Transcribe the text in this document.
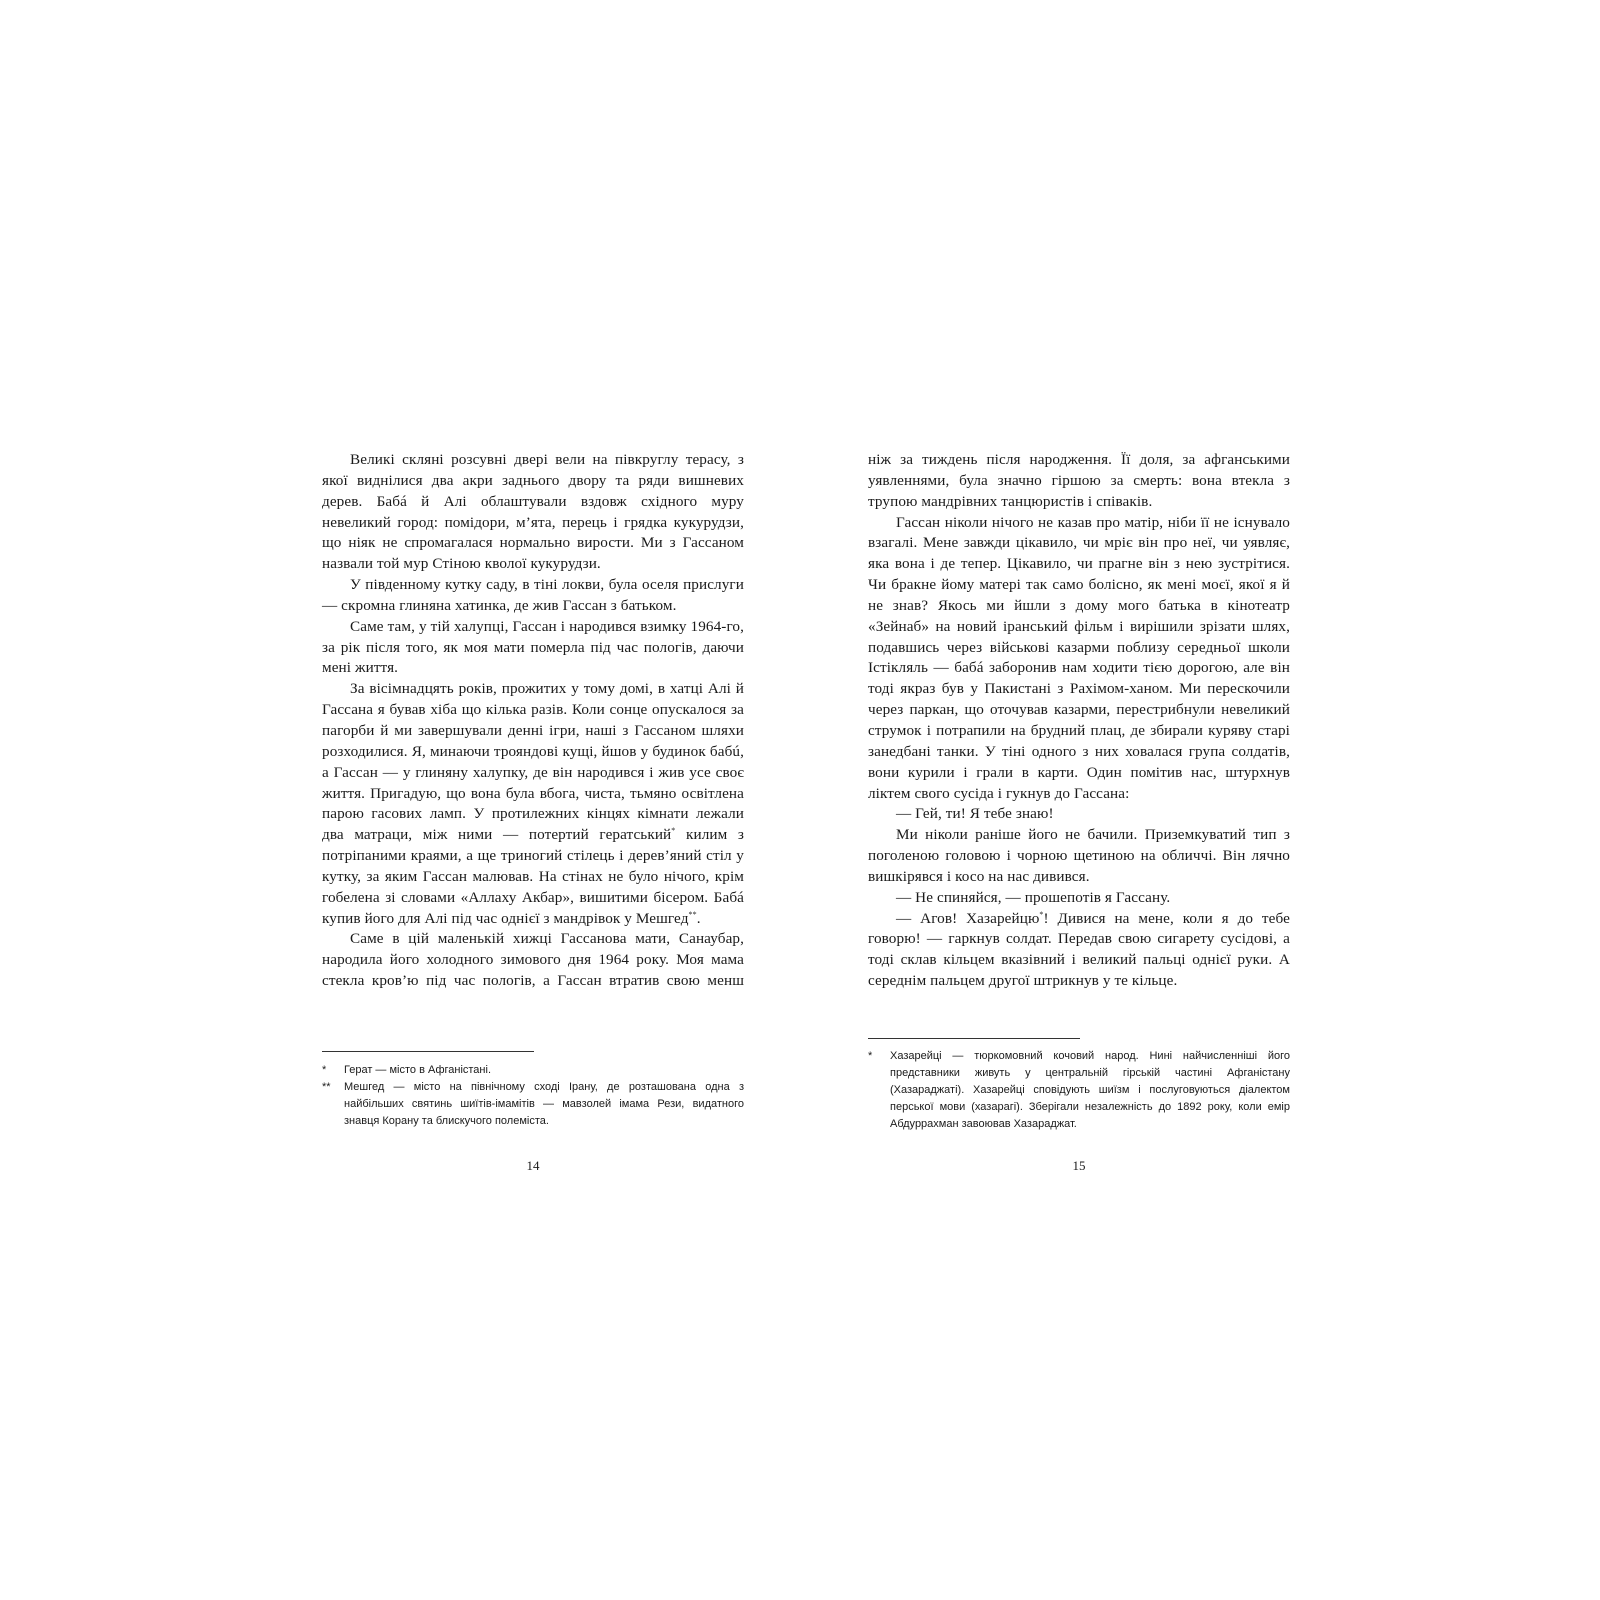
Великі скляні розсувні двері вели на півкруглу терасу, з якої виднілися два акри заднього двору та ряди вишневих дерев. Бабá й Алі облаштували вздовж східного муру невеликий город: помідори, м’ята, перець і грядка кукурудзи, що ніяк не спромагалася нормально вирости. Ми з Гассаном назвали той мур Стіною кволої кукурудзи.

У південному кутку саду, в тіні локви, була оселя прислуги — скромна глиняна хатинка, де жив Гассан з батьком.

Саме там, у тій халупці, Гассан і народився взимку 1964-го, за рік після того, як моя мати померла під час пологів, даючи мені життя.

За вісімнадцять років, прожитих у тому домі, в хатці Алі й Гассана я бував хіба що кілька разів. Коли сонце опускалося за пагорби й ми завершували денні ігри, наші з Гассаном шляхи розходилися. Я, минаючи трояндові кущі, йшов у будинок бабú, а Гассан — у глиняну халупку, де він народився і жив усе своє життя. Пригадую, що вона була вбога, чиста, тьмяно освітлена парою гасових ламп. У протилежних кінцях кімнати лежали два матраци, між ними — потертий гератський* килим з потріпаними краями, а ще триногий стілець і дерев’яний стіл у кутку, за яким Гассан малював. На стінах не було нічого, крім гобелена зі словами «Аллаху Акбар», вишитими бісером. Бабá купив його для Алі під час однієї з мандрівок у Мешгед**.

Саме в цій маленькій хижці Гассанова мати, Санаубар, народила його холодного зимового дня 1964 року. Моя мама стекла кров’ю під час пологів, а Гассан втратив свою менш

*	Герат — місто в Афганістані.
**	Мешгед — місто на північному сході Ірану, де розташована одна з найбільших святинь шиїтів-імамітів — мавзолей імама Рези, видатного знавця Корану та блискучого полеміста.
14

ніж за тиждень після народження. Її доля, за афганськими уявленнями, була значно гіршою за смерть: вона втекла з трупою мандрівних танцюристів і співаків.

Гассан ніколи нічого не казав про матір, ніби її не існувало взагалі. Мене завжди цікавило, чи мріє він про неї, чи уявляє, яка вона і де тепер. Цікавило, чи прагне він з нею зустрітися. Чи бракне йому матері так само болісно, як мені моєї, якої я й не знав? Якось ми йшли з дому мого батька в кінотеатр «Зейнаб» на новий іранський фільм і вирішили зрізати шлях, подавшись через військові казарми поблизу середньої школи Істікляль — бабá заборонив нам ходити тією дорогою, але він тоді якраз був у Пакистані з Рахімом-ханом. Ми перескочили через паркан, що оточував казарми, перестрибнули невеликий струмок і потрапили на брудний плац, де збирали куряву старі занедбані танки. У тіні одного з них ховалася група солдатів, вони курили і грали в карти. Один помітив нас, штурхнув ліктем свого сусіда і гукнув до Гассана:

— Гей, ти! Я тебе знаю!

Ми ніколи раніше його не бачили. Приземкуватий тип з поголеною головою і чорною щетиною на обличчі. Він лячно вишкірявся і косо на нас дивився.

— Не спиняйся, — прошепотів я Гассану.

— Агов! Хазарейцю*! Дивися на мене, коли я до тебе говорю! — гаркнув солдат. Передав свою сигарету сусідові, а тоді склав кільцем вказівний і великий пальці однієї руки. А середнім пальцем другої штрикнув у те кільце.

*	Хазарейці — тюркомовний кочовий народ. Нині найчисленніші його представники живуть у центральній гірській частині Афганістану (Хазараджаті). Хазарейці сповідують шиїзм і послуговуються діалектом перської мови (хазарагі). Зберігали незалежність до 1892 року, коли емір Абдуррахман завоював Хазараджат.
15
